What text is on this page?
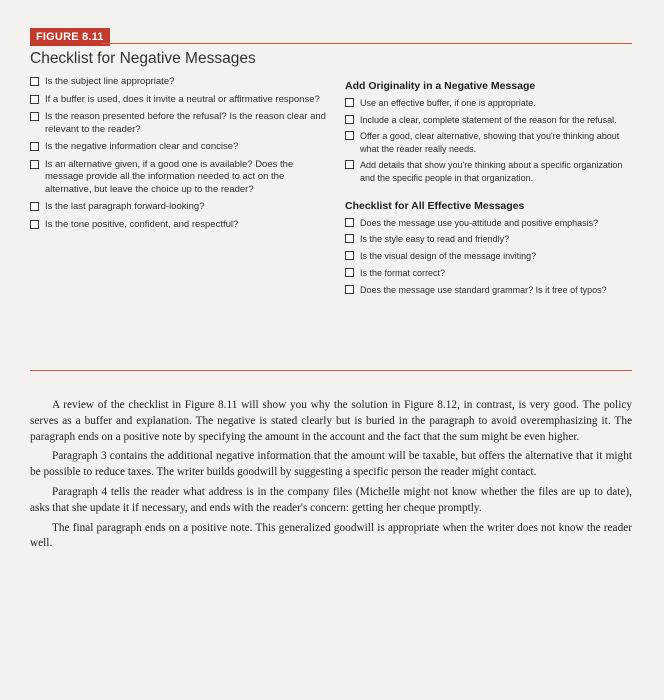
FIGURE 8.11
Checklist for Negative Messages
Is the subject line appropriate?
If a buffer is used, does it invite a neutral or affirmative response?
Is the reason presented before the refusal? Is the reason clear and relevant to the reader?
Is the negative information clear and concise?
Is an alternative given, if a good one is available? Does the message provide all the information needed to act on the alternative, but leave the choice up to the reader?
Is the last paragraph forward-looking?
Is the tone positive, confident, and respectful?
Add Originality in a Negative Message
Use an effective buffer, if one is appropriate.
Include a clear, complete statement of the reason for the refusal.
Offer a good, clear alternative, showing that you're thinking about what the reader really needs.
Add details that show you're thinking about a specific organization and the specific people in that organization.
Checklist for All Effective Messages
Does the message use you-attitude and positive emphasis?
Is the style easy to read and friendly?
Is the visual design of the message inviting?
Is the format correct?
Does the message use standard grammar? Is it free of typos?

A review of the checklist in Figure 8.11 will show you why the solution in Figure 8.12, in contrast, is very good. The policy serves as a buffer and explanation. The negative is stated clearly but is buried in the paragraph to avoid overemphasizing it. The paragraph ends on a positive note by specifying the amount in the account and the fact that the sum might be even higher.

Paragraph 3 contains the additional negative information that the amount will be taxable, but offers the alternative that it might be possible to reduce taxes. The writer builds goodwill by suggesting a specific person the reader might contact.

Paragraph 4 tells the reader what address is in the company files (Michelle might not know whether the files are up to date), asks that she update it if necessary, and ends with the reader's concern: getting her cheque promptly.

The final paragraph ends on a positive note. This generalized goodwill is appropriate when the writer does not know the reader well.
